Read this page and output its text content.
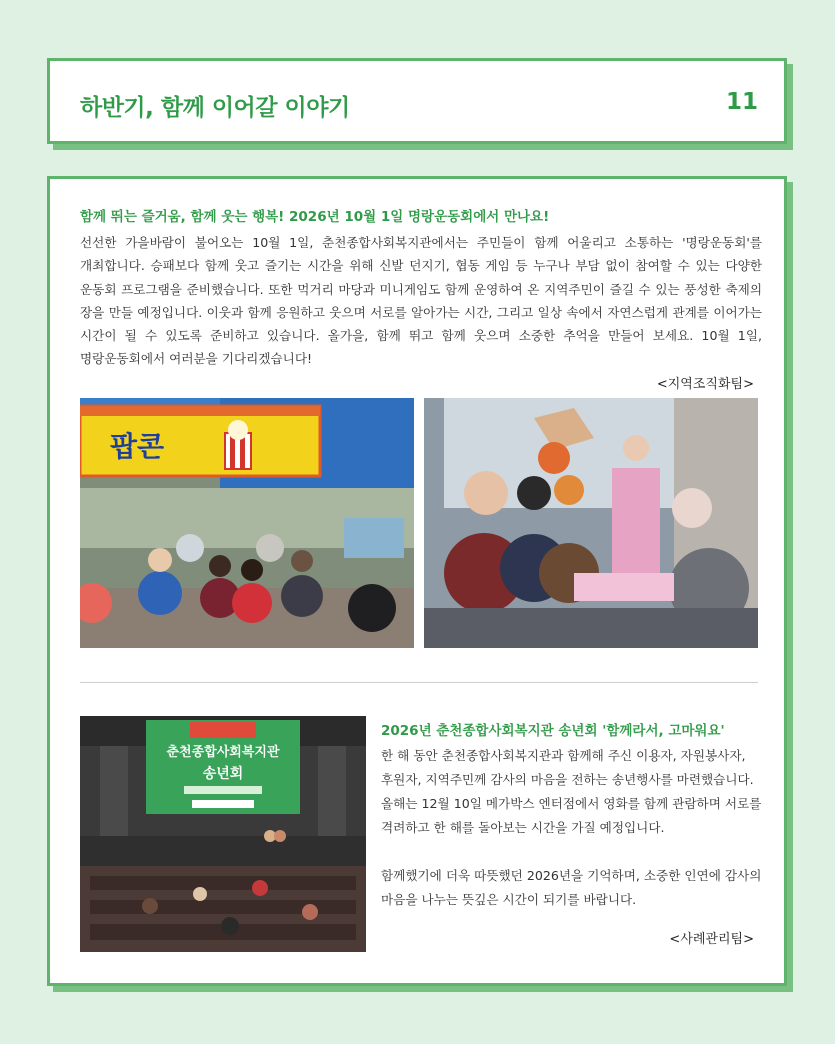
하반기, 함께 이어갈 이야기	11
함께 뛰는 즐거움, 함께 웃는 행복! 2026년 10월 1일 명랑운동회에서 만나요!
선선한 가을바람이 불어오는 10월 1일, 춘천종합사회복지관에서는 주민들이 함께 어울리고 소통하는 '명랑운동회'를 개최합니다. 승패보다 함께 웃고 즐기는 시간을 위해 신발 던지기, 협동 게임 등 누구나 부담 없이 참여할 수 있는 다양한 운동회 프로그램을 준비했습니다. 또한 먹거리 마당과 미니게임도 함께 운영하여 온 지역주민이 즐길 수 있는 풍성한 축제의 장을 만들 예정입니다. 이웃과 함께 응원하고 웃으며 서로를 알아가는 시간, 그리고 일상 속에서 자연스럽게 관계를 이어가는 시간이 될 수 있도록 준비하고 있습니다. 올가을, 함께 뛰고 함께 웃으며 소중한 추억을 만들어 보세요. 10월 1일, 명랑운동회에서 여러분을 기다리겠습니다!
<지역조직화팀>
팝콘
춘천종합사회복지관
송년회
2026년 춘천종합사회복지관 송년회 '함께라서, 고마워요'

한 해 동안 춘천종합사회복지관과 함께해 주신 이용자, 자원봉사자, 후원자, 지역주민께 감사의 마음을 전하는 송년행사를 마련했습니다. 올해는 12월 10일 메가박스 엔터점에서 영화를 함께 관람하며 서로를 격려하고 한 해를 돌아보는 시간을 가질 예정입니다.

함께했기에 더욱 따뜻했던 2026년을 기억하며, 소중한 인연에 감사의 마음을 나누는 뜻깊은 시간이 되기를 바랍니다.

<사례관리팀>
